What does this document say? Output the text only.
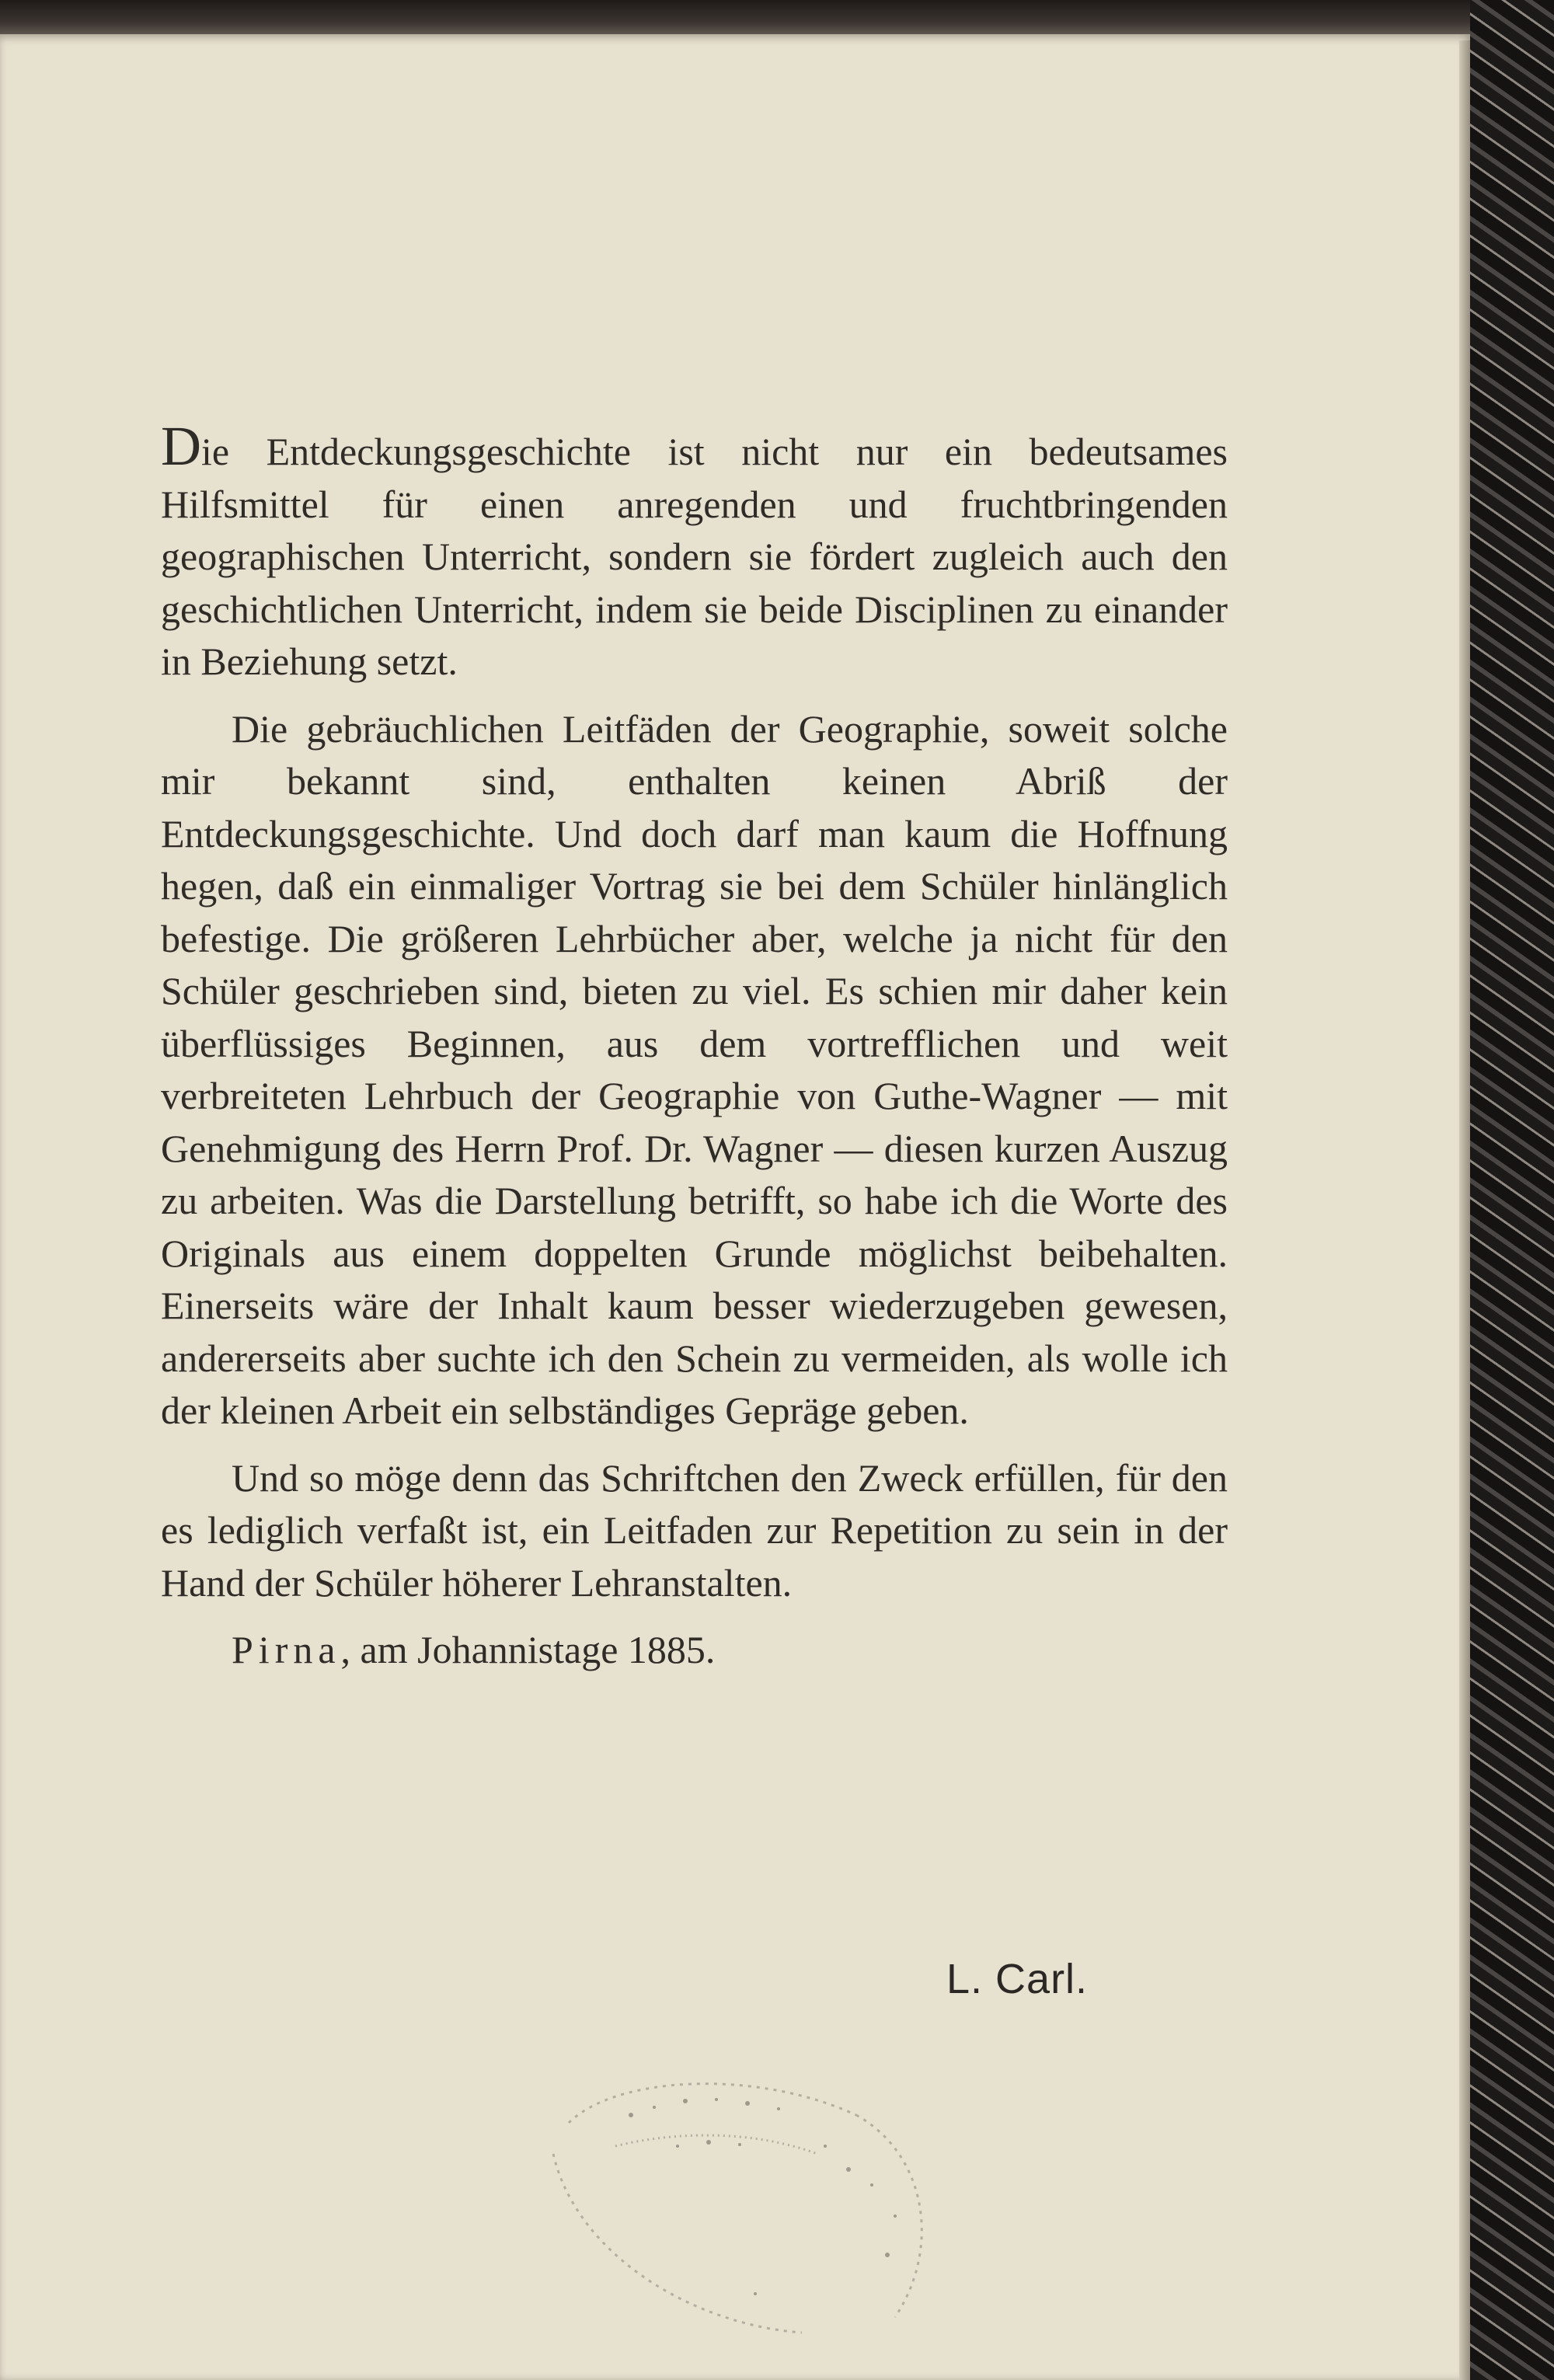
Die Entdeckungsgeschichte ist nicht nur ein bedeutsames Hilfsmittel für einen anregenden und fruchtbringenden geographischen Unterricht, sondern sie fördert zugleich auch den geschichtlichen Unterricht, indem sie beide Disciplinen zu einander in Beziehung setzt.

Die gebräuchlichen Leitfäden der Geographie, soweit solche mir bekannt sind, enthalten keinen Abriß der Entdeckungsgeschichte. Und doch darf man kaum die Hoffnung hegen, daß ein einmaliger Vortrag sie bei dem Schüler hinlänglich befestige. Die größeren Lehrbücher aber, welche ja nicht für den Schüler geschrieben sind, bieten zu viel. Es schien mir daher kein überflüssiges Beginnen, aus dem vortrefflichen und weit verbreiteten Lehrbuch der Geographie von Guthe-Wagner — mit Genehmigung des Herrn Prof. Dr. Wagner — diesen kurzen Auszug zu arbeiten. Was die Darstellung betrifft, so habe ich die Worte des Originals aus einem doppelten Grunde möglichst beibehalten. Einerseits wäre der Inhalt kaum besser wiederzugeben gewesen, andererseits aber suchte ich den Schein zu vermeiden, als wolle ich der kleinen Arbeit ein selbständiges Gepräge geben.

Und so möge denn das Schriftchen den Zweck erfüllen, für den es lediglich verfaßt ist, ein Leitfaden zur Repetition zu sein in der Hand der Schüler höherer Lehranstalten.

Pirna, am Johannistage 1885.

L. Carl.
